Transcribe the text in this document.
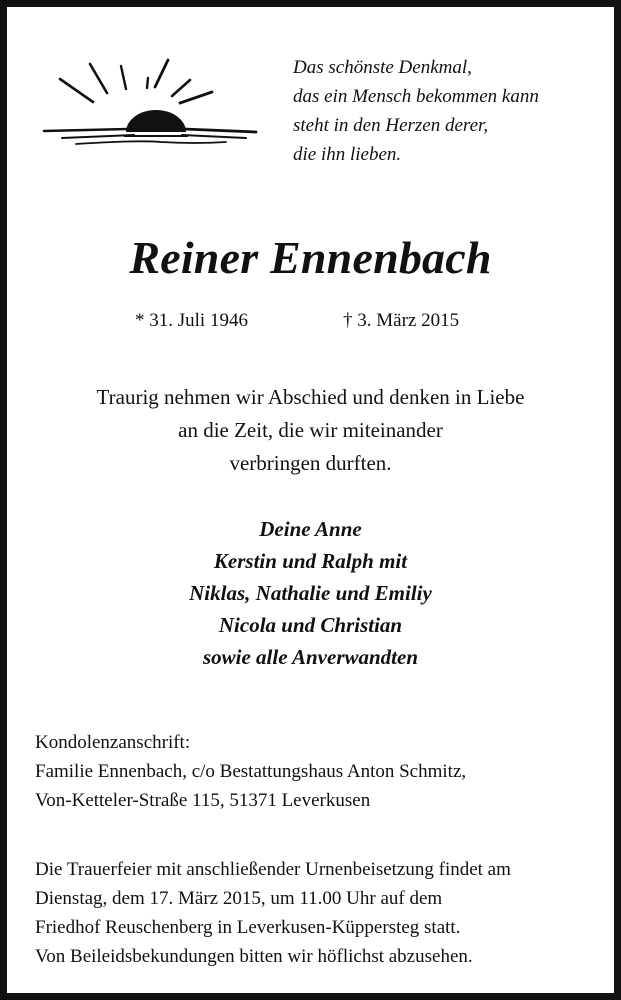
Das schönste Denkmal,
das ein Mensch bekommen kann
steht in den Herzen derer,
die ihn lieben.
Reiner Ennenbach
* 31. Juli 1946	† 3. März 2015
Traurig nehmen wir Abschied und denken in Liebe
an die Zeit, die wir miteinander
verbringen durften.
Deine Anne
Kerstin und Ralph mit
Niklas, Nathalie und Emiliy
Nicola und Christian
sowie alle Anverwandten
Kondolenzanschrift:
Familie Ennenbach, c/o Bestattungshaus Anton Schmitz,
Von-Ketteler-Straße 115, 51371 Leverkusen
Die Trauerfeier mit anschließender Urnenbeisetzung findet am
Dienstag, dem 17. März 2015, um 11.00 Uhr auf dem
Friedhof Reuschenberg in Leverkusen-Küppersteg statt.
Von Beileidsbekundungen bitten wir höflichst abzusehen.
